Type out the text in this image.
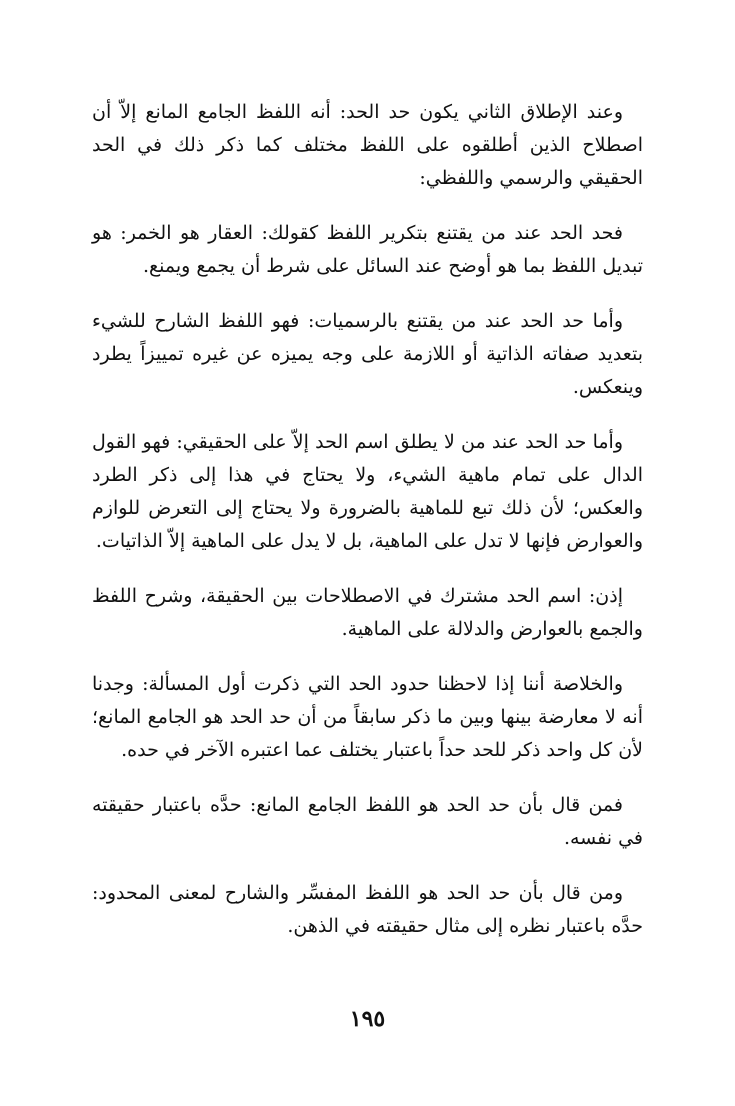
وعند الإطلاق الثاني يكون حد الحد: أنه اللفظ الجامع المانع إلاّ أن اصطلاح الذين أطلقوه على اللفظ مختلف كما ذكر ذلك في الحد الحقيقي والرسمي واللفظي:

فحد الحد عند من يقتنع بتكرير اللفظ كقولك: العقار هو الخمر: هو تبديل اللفظ بما هو أوضح عند السائل على شرط أن يجمع ويمنع.

وأما حد الحد عند من يقتنع بالرسميات: فهو اللفظ الشارح للشيء بتعديد صفاته الذاتية أو اللازمة على وجه يميزه عن غيره تمييزاً يطرد وينعكس.

وأما حد الحد عند من لا يطلق اسم الحد إلاّ على الحقيقي: فهو القول الدال على تمام ماهية الشيء، ولا يحتاج في هذا إلى ذكر الطرد والعكس؛ لأن ذلك تبع للماهية بالضرورة ولا يحتاج إلى التعرض للوازم والعوارض فإنها لا تدل على الماهية، بل لا يدل على الماهية إلاّ الذاتيات.

إذن: اسم الحد مشترك في الاصطلاحات بين الحقيقة، وشرح اللفظ والجمع بالعوارض والدلالة على الماهية.

والخلاصة أننا إذا لاحظنا حدود الحد التي ذكرت أول المسألة: وجدنا أنه لا معارضة بينها وبين ما ذكر سابقاً من أن حد الحد هو الجامع المانع؛ لأن كل واحد ذكر للحد حداً باعتبار يختلف عما اعتبره الآخر في حده.

فمن قال بأن حد الحد هو اللفظ الجامع المانع: حدَّه باعتبار حقيقته في نفسه.

ومن قال بأن حد الحد هو اللفظ المفسِّر والشارح لمعنى المحدود: حدَّه باعتبار نظره إلى مثال حقيقته في الذهن.

١٩٥
